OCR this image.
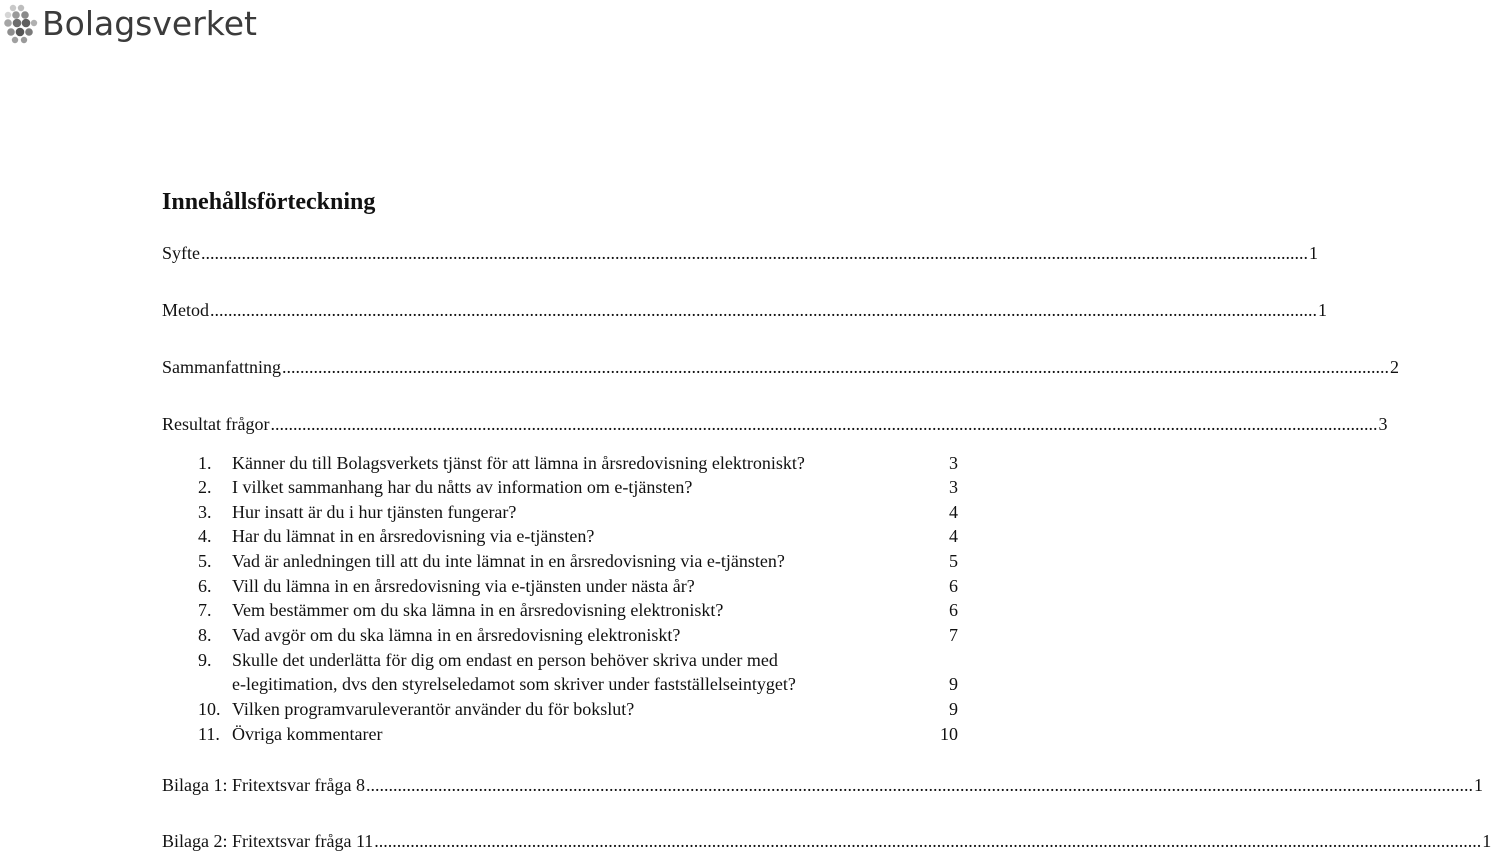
Bolagsverket
Innehållsförteckning
Syfte ...................................................................................................................................................................................................................................................... 1
Metod ...................................................................................................................................................................................................................................................... 1
Sammanfattning ...................................................................................................................................................................................................................................................... 2
Resultat frågor ...................................................................................................................................................................................................................................................... 3
1. Känner du till Bolagsverkets tjänst för att lämna in årsredovisning elektroniskt?	3
2. I vilket sammanhang har du nåtts av information om e-tjänsten?	3
3. Hur insatt är du i hur tjänsten fungerar?	4
4. Har du lämnat in en årsredovisning via e-tjänsten?	4
5. Vad är anledningen till att du inte lämnat in en årsredovisning via e-tjänsten?	5
6. Vill du lämna in en årsredovisning via e-tjänsten under nästa år?	6
7. Vem bestämmer om du ska lämna in en årsredovisning elektroniskt?	6
8. Vad avgör om du ska lämna in en årsredovisning elektroniskt?	7
9. Skulle det underlätta för dig om endast en person behöver skriva under med
e-legitimation, dvs den styrelseledamot som skriver under fastställelseintyget?	9
10. Vilken programvaruleverantör använder du för bokslut?	9
11. Övriga kommentarer	10
Bilaga 1: Fritextsvar fråga 8 ...................................................................................................................................................................................................................................................... 1
Bilaga 2: Fritextsvar fråga 11 ...................................................................................................................................................................................................................................................... 1
